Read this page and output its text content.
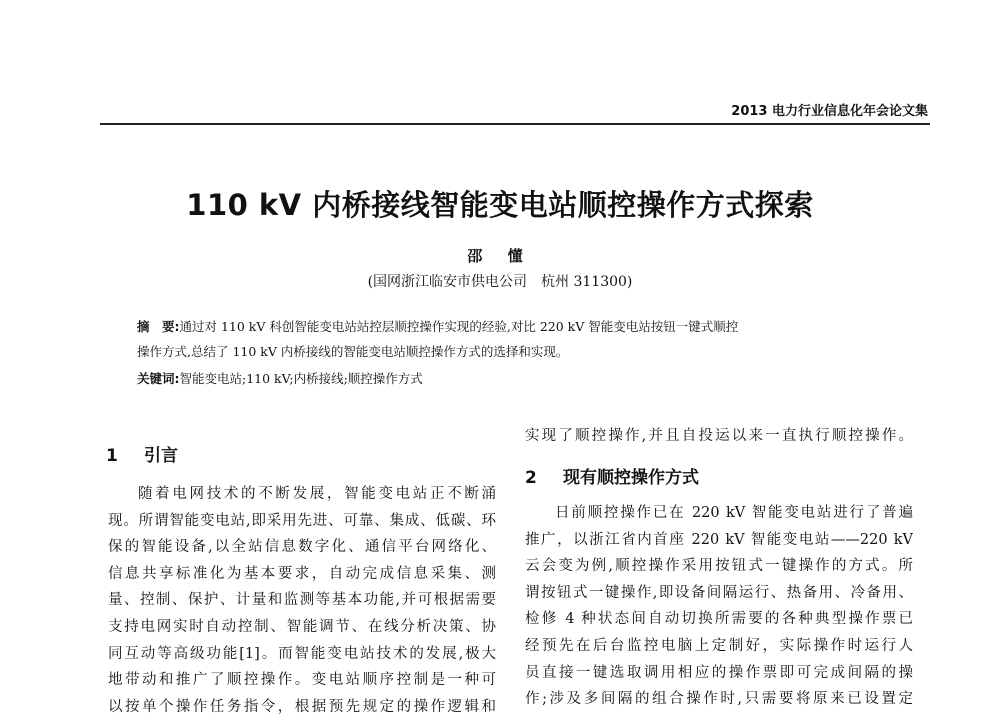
2013 电力行业信息化年会论文集
110 kV 内桥接线智能变电站顺控操作方式探索
邵 懂
(国网浙江临安市供电公司　杭州 311300)
摘　要:通过对 110 kV 科创智能变电站站控层顺控操作实现的经验,对比 220 kV 智能变电站按钮一键式顺控
操作方式,总结了 110 kV 内桥接线的智能变电站顺控操作方式的选择和实现。
关键词:智能变电站;110 kV;内桥接线;顺控操作方式
1 引言
随着电网技术的不断发展，智能变电站正不断涌
现。所谓智能变电站,即采用先进、可靠、集成、低碳、环
保的智能设备,以全站信息数字化、通信平台网络化、
信息共享标准化为基本要求，自动完成信息采集、测
量、控制、保护、计量和监测等基本功能,并可根据需要
支持电网实时自动控制、智能调节、在线分析决策、协
同互动等高级功能[1]。而智能变电站技术的发展,极大
地带动和推广了顺控操作。变电站顺序控制是一种可
以按单个操作任务指令，根据预先规定的操作逻辑和
实现了顺控操作,并且自投运以来一直执行顺控操作。
2 现有顺控操作方式
日前顺控操作已在 220 kV 智能变电站进行了普遍
推广，以浙江省内首座 220 kV 智能变电站——220 kV
云会变为例,顺控操作采用按钮式一键操作的方式。所
谓按钮式一键操作,即设备间隔运行、热备用、冷备用、
检修 4 种状态间自动切换所需要的各种典型操作票已
经预先在后台监控电脑上定制好，实际操作时运行人
员直接一键选取调用相应的操作票即可完成间隔的操
作;涉及多间隔的组合操作时,只需要将原来已设置定
